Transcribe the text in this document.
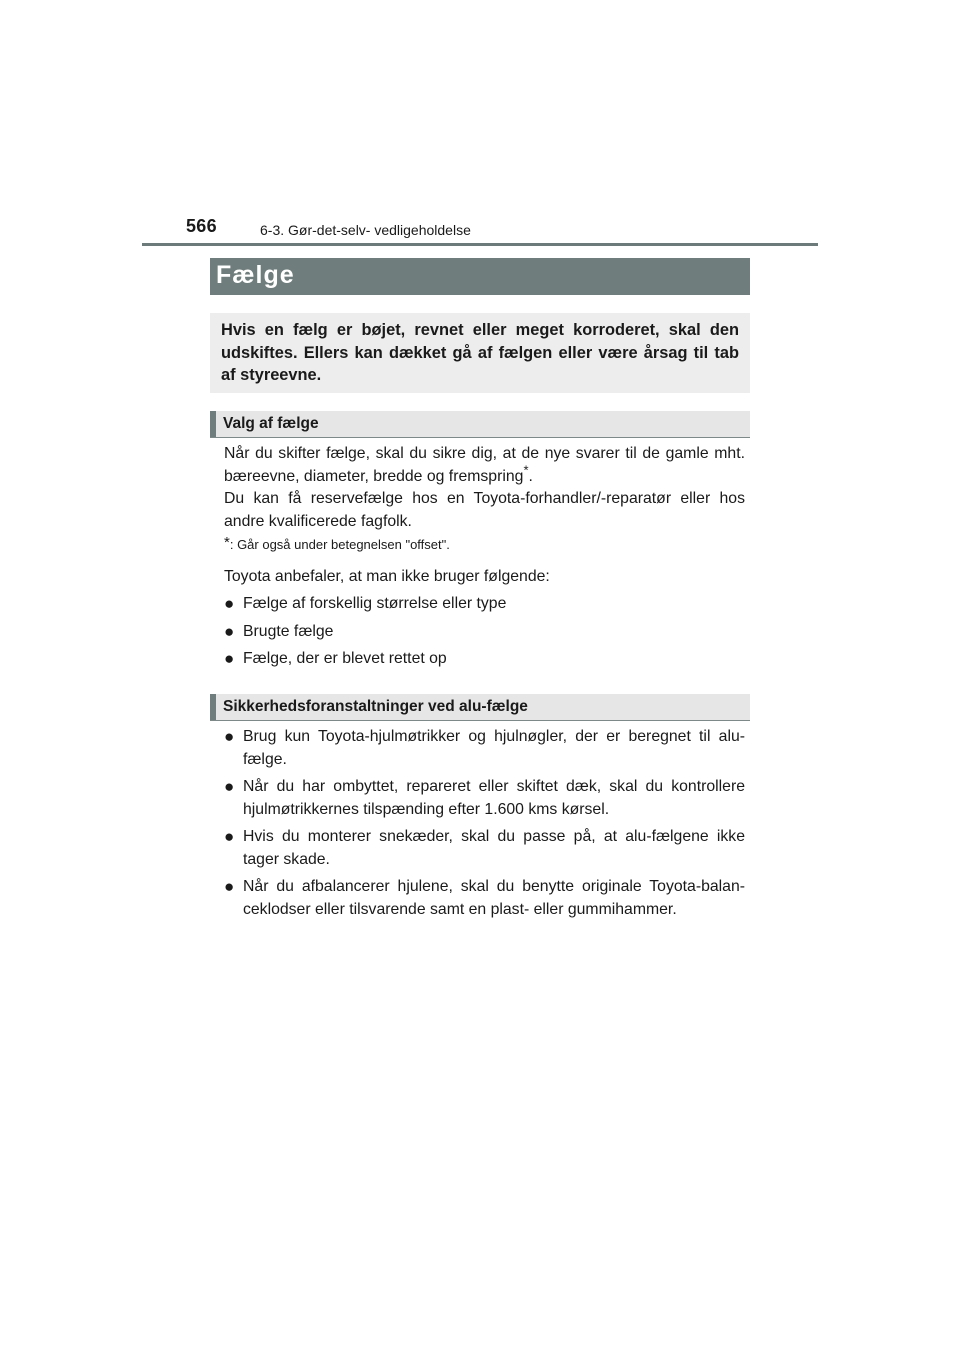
566	6-3. Gør-det-selv- vedligeholdelse
Fælge

Hvis en fælg er bøjet, revnet eller meget korroderet, skal den udskiftes. Ellers kan dækket gå af fælgen eller være årsag til tab af styreevne.

Valg af fælge

Når du skifter fælge, skal du sikre dig, at de nye svarer til de gamle mht. bæreevne, diameter, bredde og fremspring*.

Du kan få reservefælge hos en Toyota-forhandler/-reparatør eller hos andre kvalificerede fagfolk.

*: Går også under betegnelsen "offset".
Toyota anbefaler, at man ikke bruger følgende:
● Fælge af forskellig størrelse eller type
● Brugte fælge
● Fælge, der er blevet rettet op
Sikkerhedsforanstaltninger ved alu-fælge
● Brug kun Toyota-hjulmøtrikker og hjulnøgler, der er beregnet til alu-fælge.
● Når du har ombyttet, repareret eller skiftet dæk, skal du kontrollere hjulmøtrikkernes tilspænding efter 1.600 kms kørsel.
● Hvis du monterer snekæder, skal du passe på, at alu-fælgene ikke tager skade.
● Når du afbalancerer hjulene, skal du benytte originale Toyota-balan-ceklodser eller tilsvarende samt en plast- eller gummihammer.
